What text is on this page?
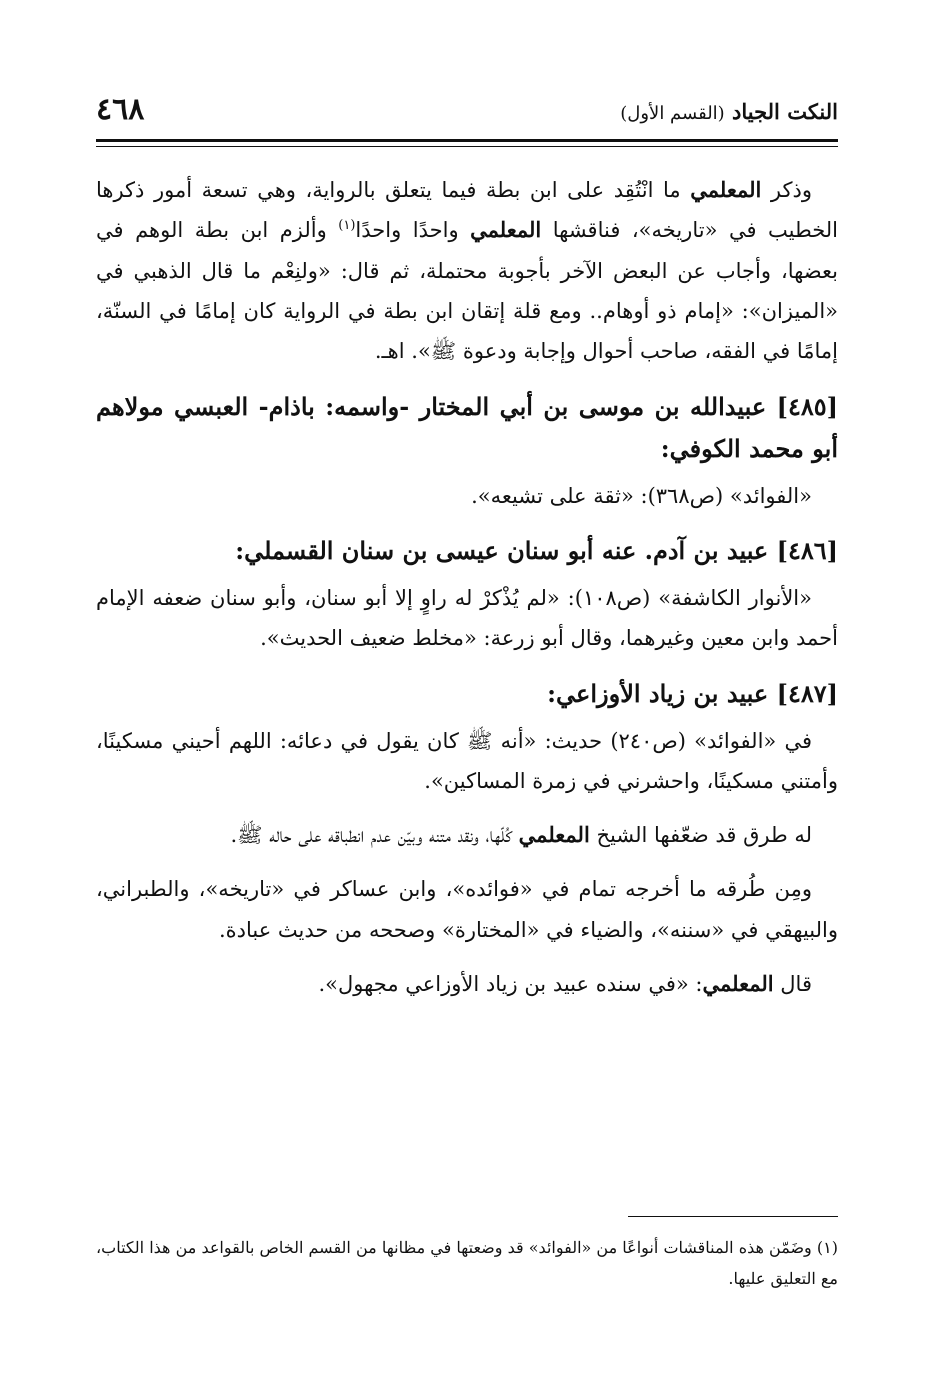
النكت الجياد (القسم الأول)
٤٦٨

وذكر المعلمي ما انْتُقِد على ابن بطة فيما يتعلق بالرواية، وهي تسعة أمور ذكرها الخطيب في «تاريخه»، فناقشها المعلمي واحدًا واحدًا$^{(١)}$ وألزم ابن بطة الوهم في بعضها، وأجاب عن البعض الآخر بأجوبة محتملة، ثم قال: «ولنِعْم ما قال الذهبي في «الميزان»: «إمام ذو أوهام.. ومع قلة إتقان ابن بطة في الرواية كان إمامًا في السنّة، إمامًا في الفقه، صاحب أحوال وإجابة ودعوة ﷺ». اهـ.

[٤٨٥] عبيدالله بن موسى بن أبي المختار -واسمه: باذام- العبسي مولاهم أبو محمد الكوفي:

«الفوائد» (ص٣٦٨): «ثقة على تشيعه».

[٤٨٦] عبيد بن آدم. عنه أبو سنان عيسى بن سنان القسملي:

«الأنوار الكاشفة» (ص١٠٨): «لم يُذْكرْ له راوٍ إلا أبو سنان، وأبو سنان ضعفه الإمام أحمد وابن معين وغيرهما، وقال أبو زرعة: «مخلط ضعيف الحديث».

[٤٨٧] عبيد بن زياد الأوزاعي:

في «الفوائد» (ص٢٤٠) حديث: «أنه ﷺ كان يقول في دعائه: اللهم أحيني مسكينًا، وأمتني مسكينًا، واحشرني في زمرة المساكين».

له طرق قد ضعّفها الشيخ المعلمي كُلّها، ونقد متنه وبيّن عدم انطباقه على حاله ﷺ.

ومِن طُرقه ما أخرجه تمام في «فوائده»، وابن عساكر في «تاريخه»، والطبراني، والبيهقي في «سننه»، والضياء في «المختارة» وصححه من حديث عبادة.

قال المعلمي: «في سنده عبيد بن زياد الأوزاعي مجهول».

(١) وضَمّن هذه المناقشات أنواعًا من «الفوائد» قد وضعتها في مظانها من القسم الخاص بالقواعد من هذا الكتاب، مع التعليق عليها.
